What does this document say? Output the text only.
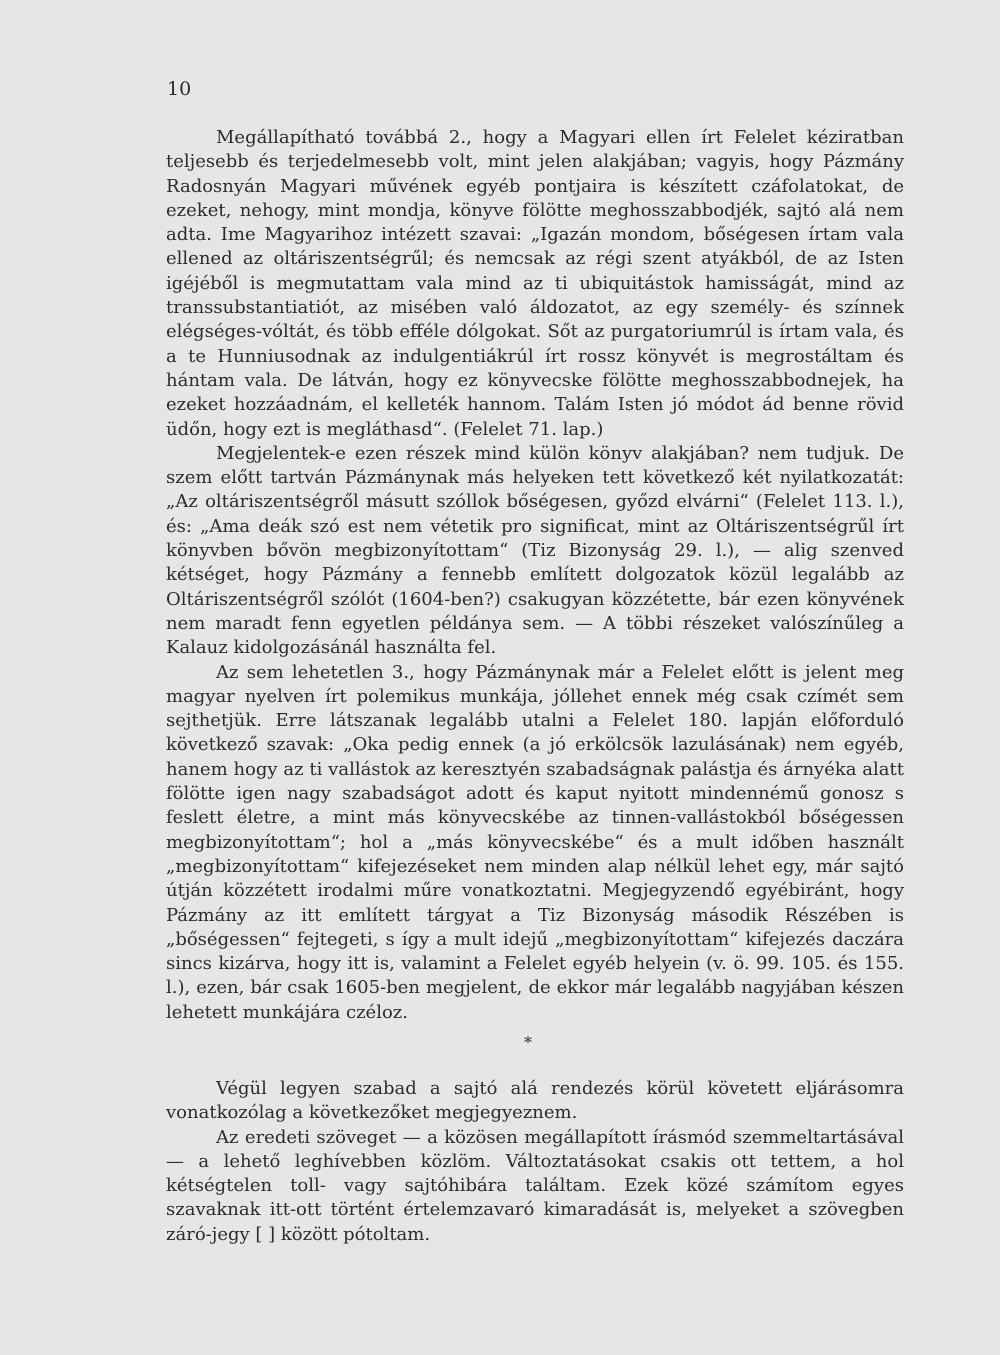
10

Megállapítható továbbá 2., hogy a Magyari ellen írt Felelet kéziratban teljesebb és terjedelmesebb volt, mint jelen alakjában; vagyis, hogy Pázmány Radosnyán Magyari művének egyéb pontjaira is készített czáfolatokat, de ezeket, nehogy, mint mondja, könyve fölötte meghosszabbodjék, sajtó alá nem adta. Ime Magyarihoz intézett szavai: „Igazán mondom, bőségesen írtam vala ellened az oltáriszentségrűl; és nemcsak az régi szent atyákból, de az Isten igéjéből is megmutattam vala mind az ti ubiquitástok hamisságát, mind az transsubstantiatiót, az misében való áldozatot, az egy személy- és színnek elégséges-vóltát, és több efféle dólgokat. Sőt az purgatoriumrúl is írtam vala, és a te Hunniusodnak az indulgentiákrúl írt rossz könyvét is megrostáltam és hántam vala. De látván, hogy ez könyvecske fölötte meghosszabbodnejek, ha ezeket hozzáadnám, el kelleték hannom. Talám Isten jó módot ád benne rövid üdőn, hogy ezt is megláthasd“. (Felelet 71. lap.)

Megjelentek-e ezen részek mind külön könyv alakjában? nem tudjuk. De szem előtt tartván Pázmánynak más helyeken tett következő két nyilatkozatát: „Az oltáriszentségről másutt szóllok bőségesen, győzd elvárni“ (Felelet 113. l.), és: „Ama deák szó est nem vétetik pro significat, mint az Oltáriszentségrűl írt könyvben bővön megbizonyítottam“ (Tiz Bizonyság 29. l.), — alig szenved kétséget, hogy Pázmány a fennebb említett dolgozatok közül legalább az Oltáriszentségről szólót (1604-ben?) csakugyan közzétette, bár ezen könyvének nem maradt fenn egyetlen példánya sem. — A többi részeket valószínűleg a Kalauz kidolgozásánál használta fel.

Az sem lehetetlen 3., hogy Pázmánynak már a Felelet előtt is jelent meg magyar nyelven írt polemikus munkája, jóllehet ennek még csak czímét sem sejthetjük. Erre látszanak legalább utalni a Felelet 180. lapján előforduló következő szavak: „Oka pedig ennek (a jó erkölcsök lazulásának) nem egyéb, hanem hogy az ti vallástok az keresztyén szabadságnak palástja és árnyéka alatt fölötte igen nagy szabadságot adott és kaput nyitott mindennémű gonosz s feslett életre, a mint más könyvecskébe az tinnen-vallástokból bőségessen megbizonyítottam“; hol a „más könyvecskébe“ és a mult időben használt „megbizonyítottam“ kifejezéseket nem minden alap nélkül lehet egy, már sajtó útján közzétett irodalmi műre vonatkoztatni. Megjegyzendő egyébiránt, hogy Pázmány az itt említett tárgyat a Tiz Bizonyság második Részében is „bőségessen“ fejtegeti, s így a mult idejű „megbizonyítottam“ kifejezés daczára sincs kizárva, hogy itt is, valamint a Felelet egyéb helyein (v. ö. 99. 105. és 155. l.), ezen, bár csak 1605-ben megjelent, de ekkor már legalább nagyjában készen lehetett munkájára czéloz.

*

Végül legyen szabad a sajtó alá rendezés körül követett eljárásomra vonatkozólag a következőket megjegyeznem.

Az eredeti szöveget — a közösen megállapított írásmód szemmeltartásával — a lehető leghívebben közlöm. Változtatásokat csakis ott tettem, a hol kétségtelen toll- vagy sajtóhibára találtam. Ezek közé számítom egyes szavaknak itt-ott történt értelemzavaró kimaradását is, melyeket a szövegben záró-jegy [ ] között pótoltam.
